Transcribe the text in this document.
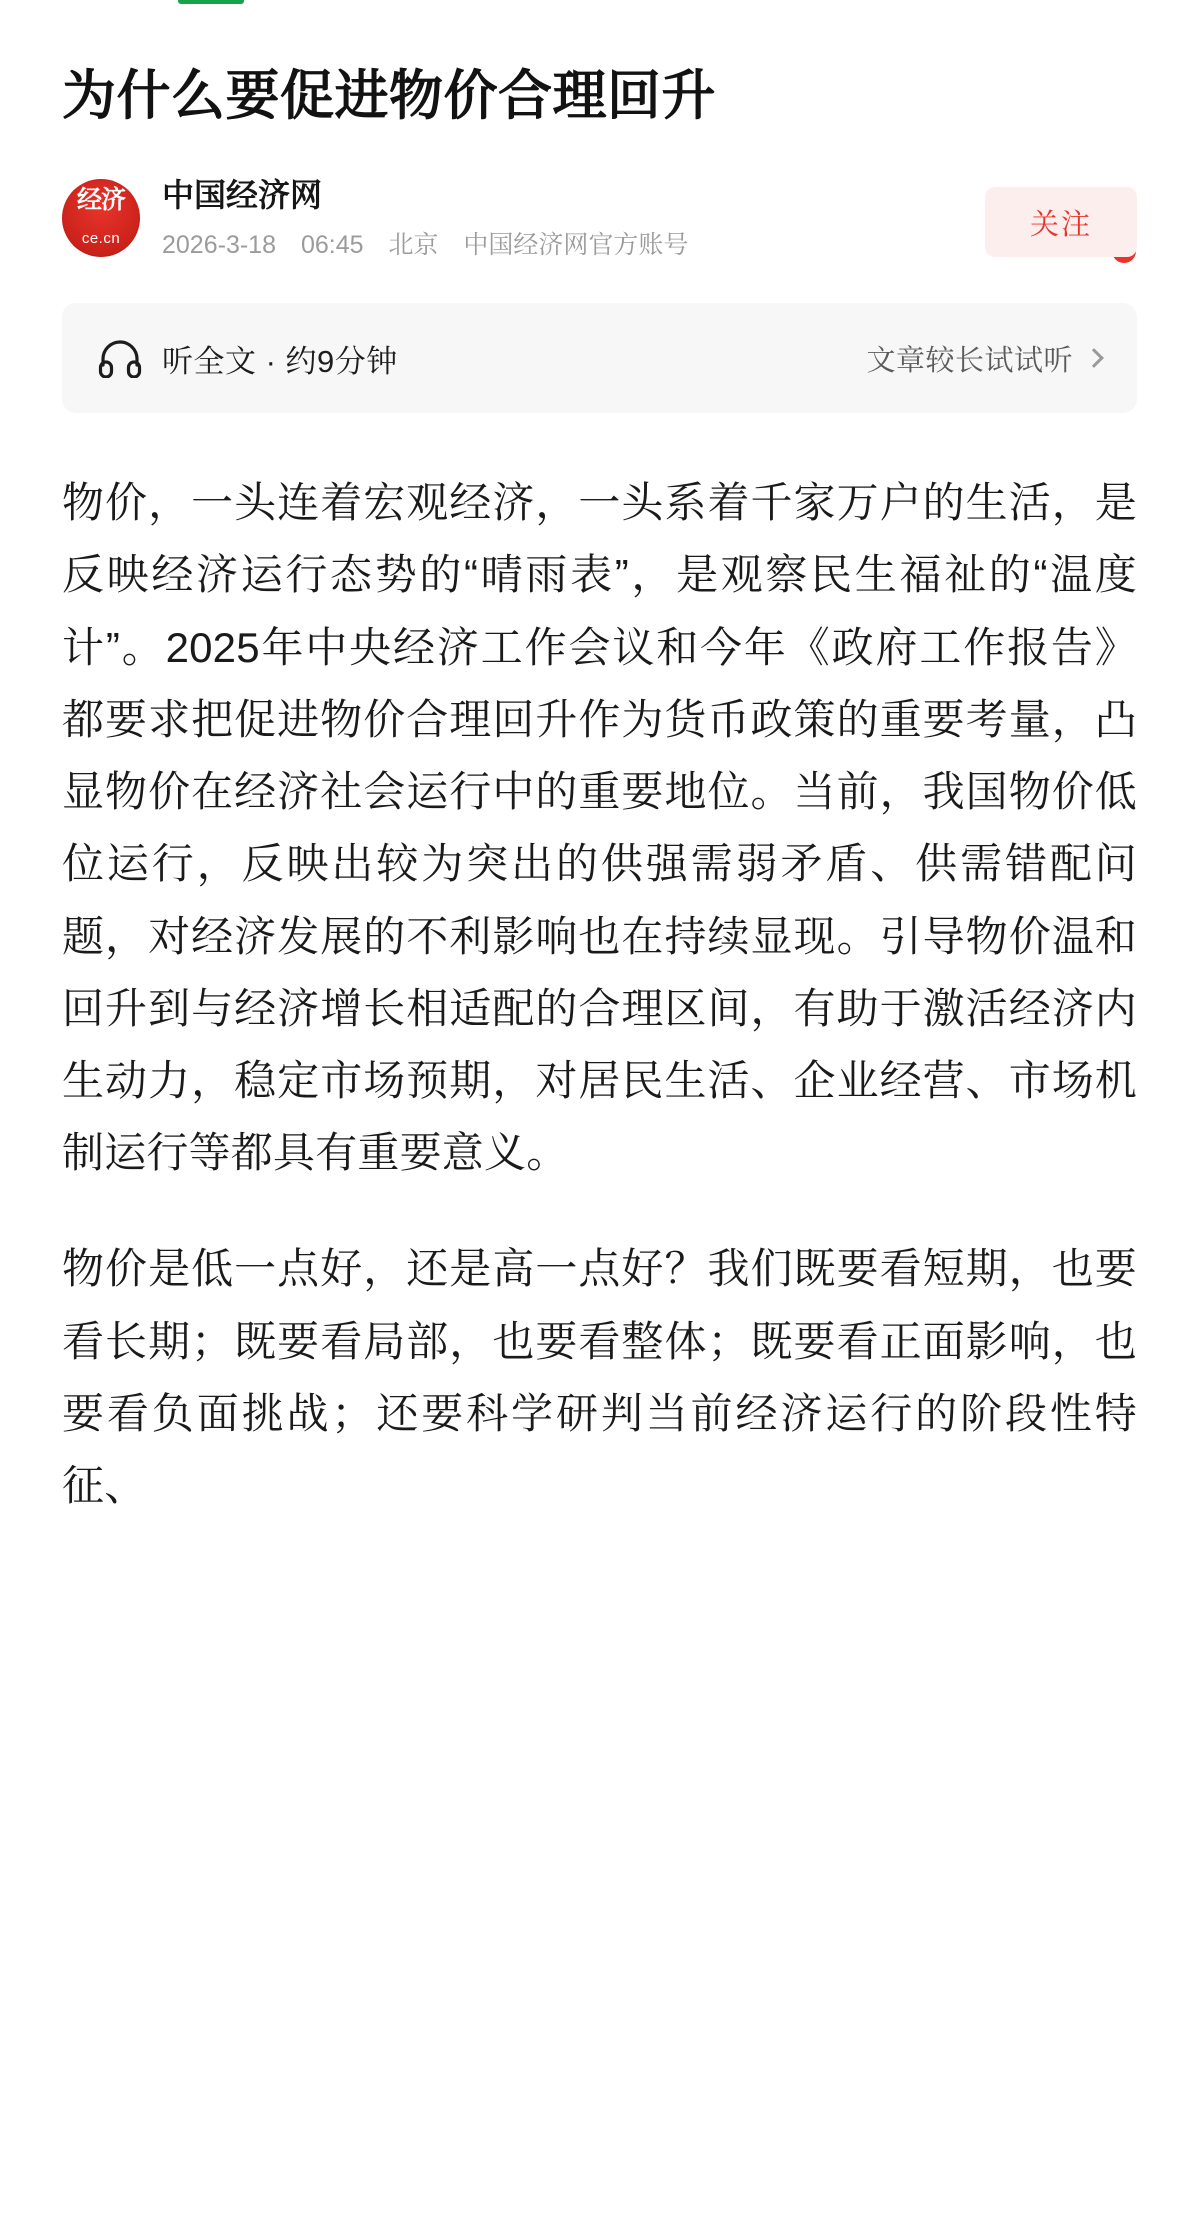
为什么要促进物价合理回升
经济
ce.cn
中国经济网
2026-3-18 06:45 北京 中国经济网官方账号
关注
听全文 · 约9分钟	文章较长试试听

物价，一头连着宏观经济，一头系着千家万户的生活，是反映经济运行态势的“晴雨表”，是观察民生福祉的“温度计”。2025年中央经济工作会议和今年《政府工作报告》都要求把促进物价合理回升作为货币政策的重要考量，凸显物价在经济社会运行中的重要地位。当前，我国物价低位运行，反映出较为突出的供强需弱矛盾、供需错配问题，对经济发展的不利影响也在持续显现。引导物价温和回升到与经济增长相适配的合理区间，有助于激活经济内生动力，稳定市场预期，对居民生活、企业经营、市场机制运行等都具有重要意义。

物价是低一点好，还是高一点好？我们既要看短期，也要看长期；既要看局部，也要看整体；既要看正面影响，也要看负面挑战；还要科学研判当前经济运行的阶段性特征、
